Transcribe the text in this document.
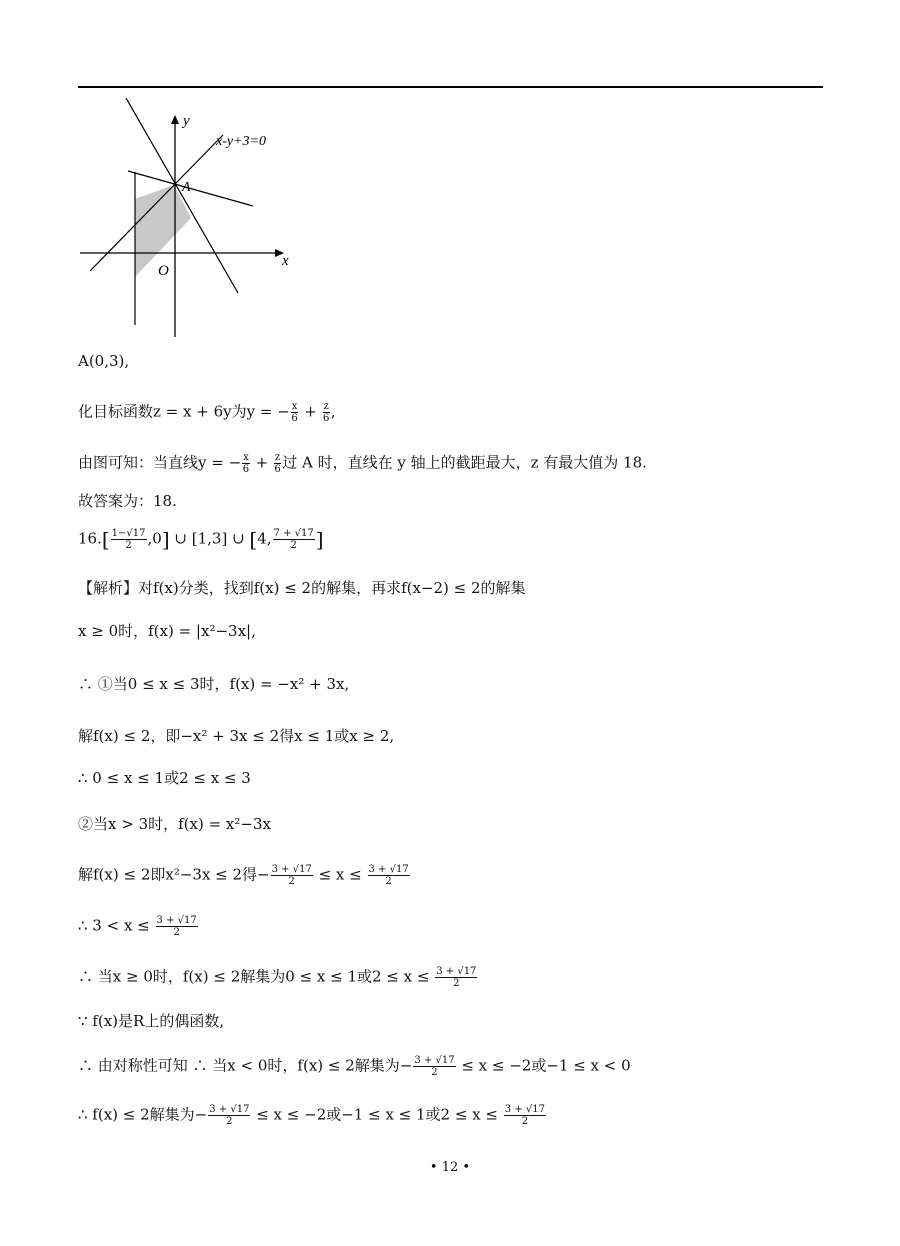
x-y+3=0
y
x
A
O
A(0,3),
化目标函数z = x + 6y为y = − $\frac{x}{6} + \frac{z}{6}$ ,
由图可知：当直线y = − $\frac{x}{6} + \frac{z}{6}$ 过 A 时，直线在 y 轴上的截距最大，z 有最大值为 18.
故答案为：18.
$16.[ \frac{1-√17}{2} ,0]$ ∪ [1,3] ∪ [4, $\frac{7 + √17}{2}$ ]
【解析】对f(x)分类，找到f(x) ≤ 2的解集，再求f(x−2) ≤ 2的解集
x ≥ 0时，f(x) = |x²−3x|,
∴ ①当0 ≤ x ≤ 3时，f(x) = −x² + 3x,
解f(x) ≤ 2，即−x² + 3x ≤ 2得x ≤ 1或x ≥ 2,
∴ 0 ≤ x ≤ 1或2 ≤ x ≤ 3
②当x > 3时，f(x) = x²−3x
解f(x) ≤ 2即x²−3x ≤ 2得− $\frac{3 + √17}{2} \le x \le \frac{3 + √17}{2}$
∴ $3 < x \le \frac{3 + √17}{2}$
∴ 当x ≥ 0时，f(x) ≤ 2解集为0 ≤ x ≤ 1或$2 \le x \le \frac{3 + √17}{2}$
∵ f(x)是R上的偶函数,
∴ 由对称性可知 ∴ 当x < 0时，f(x) ≤ 2解集为− $\frac{3 + √17}{2} \le x \le -2$或−1 ≤ x < 0
∴ f(x) ≤ 2解集为− $\frac{3 + √17}{2} \le x \le -2$或−1 ≤ x ≤ 1或$2 \le x \le \frac{3 + √17}{2}$
• 12 •
